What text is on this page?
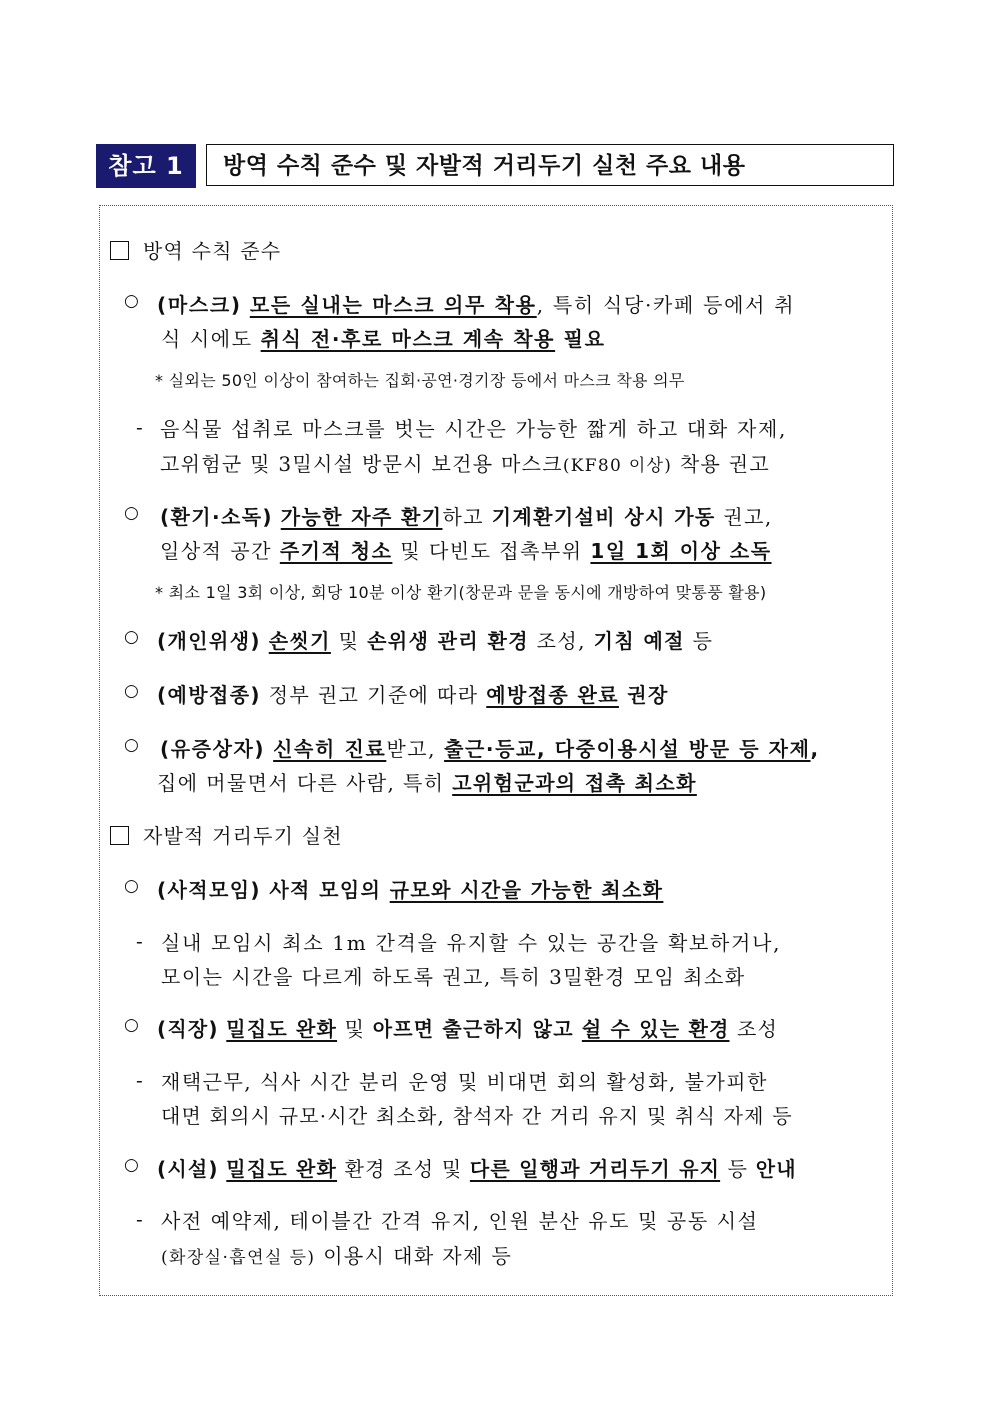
참고 1	방역 수칙 준수 및 자발적 거리두기 실천 주요 내용
방역 수칙 준수
○ (마스크) 모든 실내는 마스크 의무 착용, 특히 식당·카페 등에서 취
식 시에도 취식 전·후로 마스크 계속 착용 필요
* 실외는 50인 이상이 참여하는 집회·공연·경기장 등에서 마스크 착용 의무
- 음식물 섭취로 마스크를 벗는 시간은 가능한 짧게 하고 대화 자제,
고위험군 및 3밀시설 방문시 보건용 마스크(KF80 이상) 착용 권고
○ (환기·소독) 가능한 자주 환기하고 기계환기설비 상시 가동 권고,
일상적 공간 주기적 청소 및 다빈도 접촉부위 1일 1회 이상 소독
* 최소 1일 3회 이상, 회당 10분 이상 환기(창문과 문을 동시에 개방하여 맞통풍 활용)
○ (개인위생) 손씻기 및 손위생 관리 환경 조성, 기침 예절 등
○ (예방접종) 정부 권고 기준에 따라 예방접종 완료 권장
○ (유증상자) 신속히 진료받고, 출근·등교, 다중이용시설 방문 등 자제,
집에 머물면서 다른 사람, 특히 고위험군과의 접촉 최소화
자발적 거리두기 실천
○ (사적모임) 사적 모임의 규모와 시간을 가능한 최소화
- 실내 모임시 최소 1m 간격을 유지할 수 있는 공간을 확보하거나,
모이는 시간을 다르게 하도록 권고, 특히 3밀환경 모임 최소화
○ (직장) 밀집도 완화 및 아프면 출근하지 않고 쉴 수 있는 환경 조성
- 재택근무, 식사 시간 분리 운영 및 비대면 회의 활성화, 불가피한
대면 회의시 규모·시간 최소화, 참석자 간 거리 유지 및 취식 자제 등
○ (시설) 밀집도 완화 환경 조성 및 다른 일행과 거리두기 유지 등 안내
- 사전 예약제, 테이블간 간격 유지, 인원 분산 유도 및 공동 시설
(화장실·흡연실 등) 이용시 대화 자제 등
